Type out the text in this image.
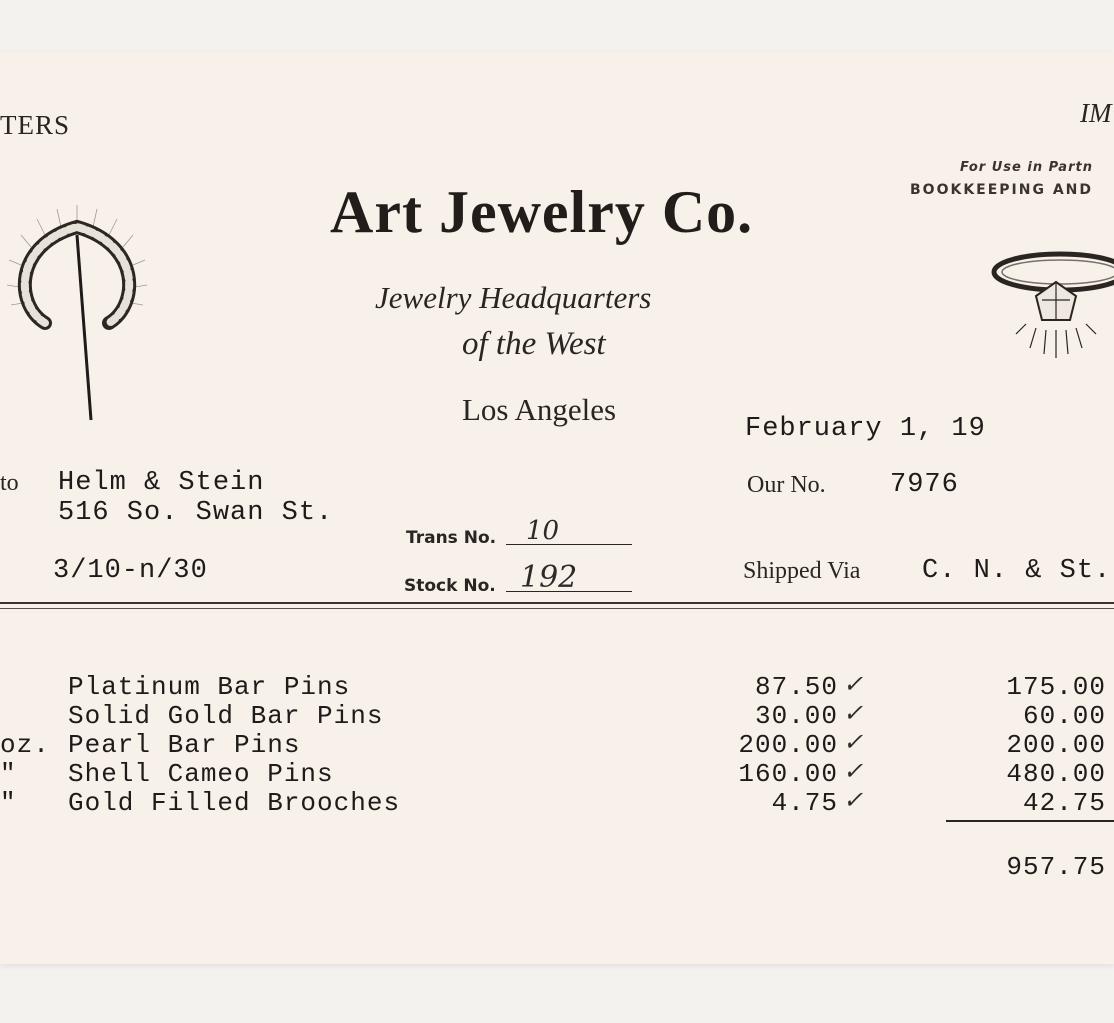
TERS	IM
For Use in Partn
BOOKKEEPING AND
Art Jewelry Co.
Jewelry Headquarters
of the West
Los Angeles
February 1, 19
Our No. 7976
to Helm & Stein
516 So. Swan St.
3/10-n/30
Trans No. 10
Stock No. 192	Shipped Via C. N. & St.
Platinum Bar Pins	87.50 ✓	175.00
Solid Gold Bar Pins	30.00 ✓	60.00
oz. Pearl Bar Pins	200.00 ✓	200.00
" Shell Cameo Pins	160.00 ✓	480.00
" Gold Filled Brooches	4.75 ✓	42.75
957.75
